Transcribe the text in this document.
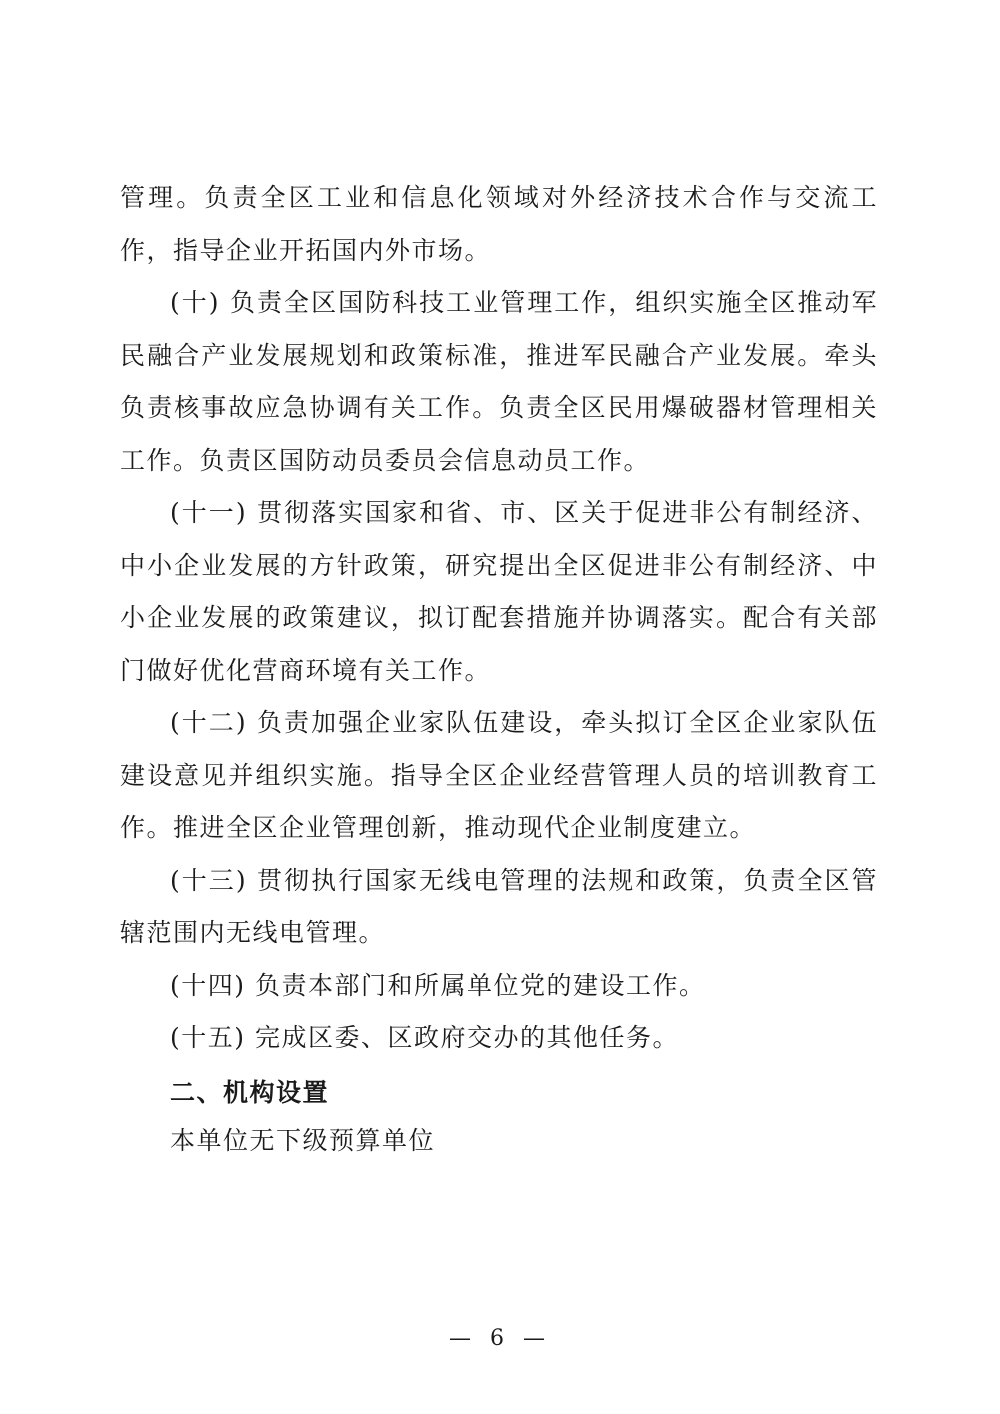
管理。负责全区工业和信息化领域对外经济技术合作与交流工作，指导企业开拓国内外市场。

(十) 负责全区国防科技工业管理工作，组织实施全区推动军民融合产业发展规划和政策标准，推进军民融合产业发展。牵头负责核事故应急协调有关工作。负责全区民用爆破器材管理相关工作。负责区国防动员委员会信息动员工作。

(十一) 贯彻落实国家和省、市、区关于促进非公有制经济、中小企业发展的方针政策，研究提出全区促进非公有制经济、中小企业发展的政策建议，拟订配套措施并协调落实。配合有关部门做好优化营商环境有关工作。

(十二) 负责加强企业家队伍建设，牵头拟订全区企业家队伍建设意见并组织实施。指导全区企业经营管理人员的培训教育工作。推进全区企业管理创新，推动现代企业制度建立。

(十三) 贯彻执行国家无线电管理的法规和政策，负责全区管辖范围内无线电管理。

(十四) 负责本部门和所属单位党的建设工作。

(十五) 完成区委、区政府交办的其他任务。

二、机构设置
本单位无下级预算单位
— 6 —
